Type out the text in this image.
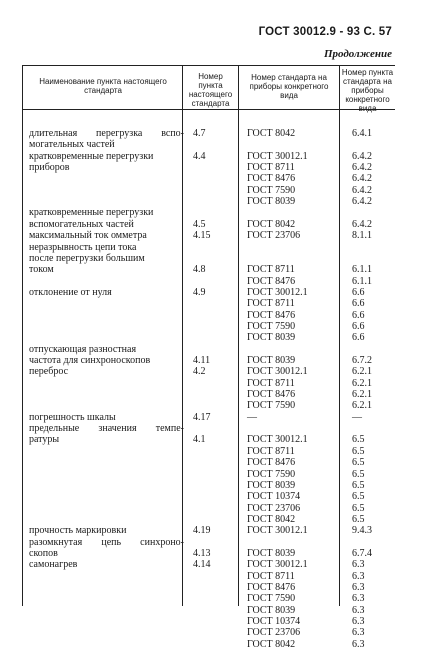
ГОСТ 30012.9 - 93 С. 57
Продолжение
Наименование пункта настоящего стандарта
Номер пункта настоящего стандарта
Номер стандарта на приборы конкретного вида
Номер пункта стандарта на приборы конкретного вида
длительная перегрузка вспо- 4.7	ГОСТ 8042	6.4.1
могательных частей
кратковременные перегрузки	4.4	ГОСТ 30012.1	6.4.2
приборов	ГОСТ 8711	6.4.2
ГОСТ 8476	6.4.2
ГОСТ 7590	6.4.2
ГОСТ 8039	6.4.2
кратковременные перегрузки
вспомогательных частей	4.5	ГОСТ 8042	6.4.2
максимальный ток омметра	4.15	ГОСТ 23706	8.1.1
неразрывность цепи тока
после перегрузки большим
током	4.8	ГОСТ 8711	6.1.1
ГОСТ 8476	6.1.1
отклонение от нуля	4.9	ГОСТ 30012.1	6.6
ГОСТ 8711	6.6
ГОСТ 8476	6.6
ГОСТ 7590	6.6
ГОСТ 8039	6.6
отпускающая разностная
частота для синхроноскопов	4.11	ГОСТ 8039	6.7.2
переброс	4.2	ГОСТ 30012.1	6.2.1
ГОСТ 8711	6.2.1
ГОСТ 8476	6.2.1
ГОСТ 7590	6.2.1
погрешность шкалы	4.17	—	—
предельные значения темпе-
ратуры	4.1	ГОСТ 30012.1	6.5
ГОСТ 8711	6.5
ГОСТ 8476	6.5
ГОСТ 7590	6.5
ГОСТ 8039	6.5
ГОСТ 10374	6.5
ГОСТ 23706	6.5
ГОСТ 8042	6.5
прочность маркировки	4.19	ГОСТ 30012.1	9.4.3
разомкнутая цепь синхроно-
скопов	4.13	ГОСТ 8039	6.7.4
самонагрев	4.14	ГОСТ 30012.1	6.3
ГОСТ 8711	6.3
ГОСТ 8476	6.3
ГОСТ 7590	6.3
ГОСТ 8039	6.3
ГОСТ 10374	6.3
ГОСТ 23706	6.3
ГОСТ 8042	6.3
